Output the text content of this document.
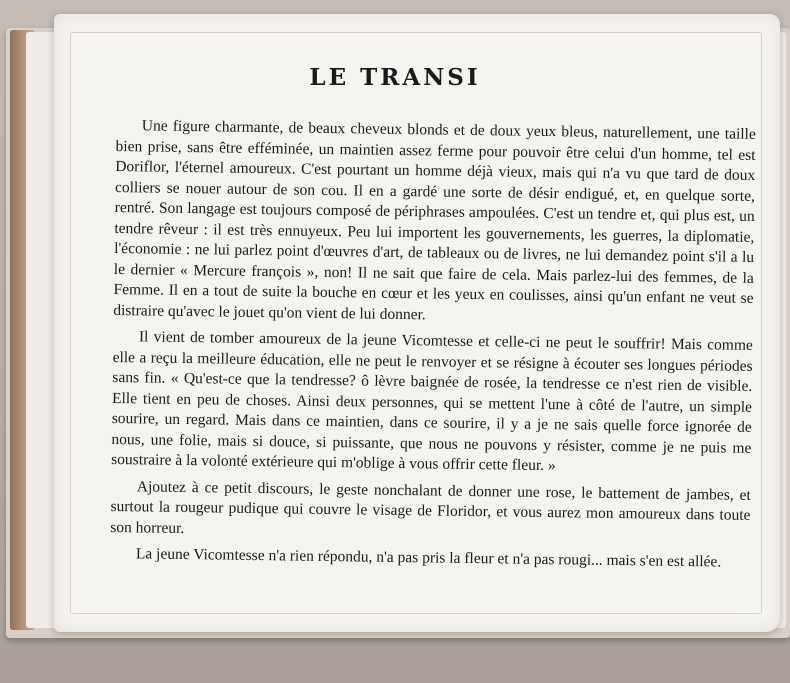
LE TRANSI

Une figure charmante, de beaux cheveux blonds et de doux yeux bleus, naturellement, une taille bien prise, sans être efféminée, un maintien assez ferme pour pouvoir être celui d'un homme, tel est Doriflor, l'éternel amoureux. C'est pourtant un homme déjà vieux, mais qui n'a vu que tard de doux colliers se nouer autour de son cou. Il en a gardé une sorte de désir endigué, et, en quelque sorte, rentré. Son langage est toujours composé de périphrases ampoulées. C'est un tendre et, qui plus est, un tendre rêveur : il est très ennuyeux. Peu lui importent les gouvernements, les guerres, la diplomatie, l'économie : ne lui parlez point d'œuvres d'art, de tableaux ou de livres, ne lui demandez point s'il a lu le dernier « Mercure françois », non! Il ne sait que faire de cela. Mais parlez-lui des femmes, de la Femme. Il en a tout de suite la bouche en cœur et les yeux en coulisses, ainsi qu'un enfant ne veut se distraire qu'avec le jouet qu'on vient de lui donner.

Il vient de tomber amoureux de la jeune Vicomtesse et celle-ci ne peut le souffrir! Mais comme elle a reçu la meilleure éducation, elle ne peut le renvoyer et se résigne à écouter ses longues périodes sans fin. « Qu'est-ce que la tendresse? ô lèvre baignée de rosée, la tendresse ce n'est rien de visible. Elle tient en peu de choses. Ainsi deux personnes, qui se mettent l'une à côté de l'autre, un simple sourire, un regard. Mais dans ce maintien, dans ce sourire, il y a je ne sais quelle force ignorée de nous, une folie, mais si douce, si puissante, que nous ne pouvons y résister, comme je ne puis me soustraire à la volonté extérieure qui m'oblige à vous offrir cette fleur. »

Ajoutez à ce petit discours, le geste nonchalant de donner une rose, le battement de jambes, et surtout la rougeur pudique qui couvre le visage de Floridor, et vous aurez mon amoureux dans toute son horreur.

La jeune Vicomtesse n'a rien répondu, n'a pas pris la fleur et n'a pas rougi... mais s'en est allée.
